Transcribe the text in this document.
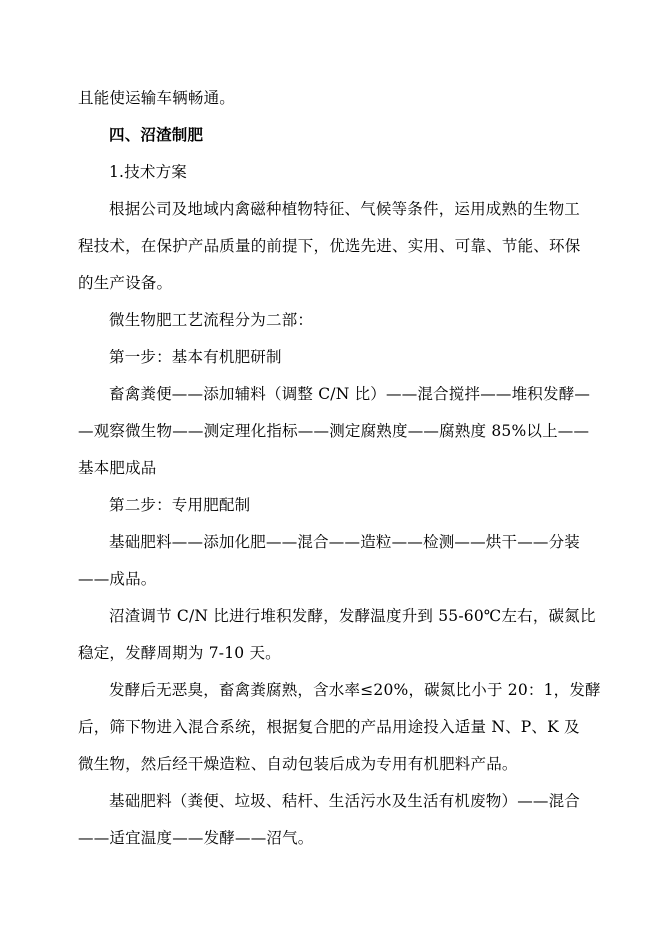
且能使运输车辆畅通。
四、沼渣制肥
1.技术方案
根据公司及地域内禽磁种植物特征、气候等条件，运用成熟的生物工
程技术，在保护产品质量的前提下，优选先进、实用、可靠、节能、环保
的生产设备。
微生物肥工艺流程分为二部：
第一步：基本有机肥研制
畜禽粪便——添加辅料（调整 C/N 比）——混合搅拌——堆积发酵—
—观察微生物——测定理化指标——测定腐熟度——腐熟度 85%以上——
基本肥成品
第二步：专用肥配制
基础肥料——添加化肥——混合——造粒——检测——烘干——分装
——成品。
沼渣调节 C/N 比进行堆积发酵，发酵温度升到 55-60℃左右，碳氮比
稳定，发酵周期为 7-10 天。
发酵后无恶臭，畜禽粪腐熟，含水率≤20%，碳氮比小于 20：1，发酵
后，筛下物进入混合系统，根据复合肥的产品用途投入适量 N、P、K 及
微生物，然后经干燥造粒、自动包装后成为专用有机肥料产品。
基础肥料（粪便、垃圾、秸杆、生活污水及生活有机废物）——混合
——适宜温度——发酵——沼气。
